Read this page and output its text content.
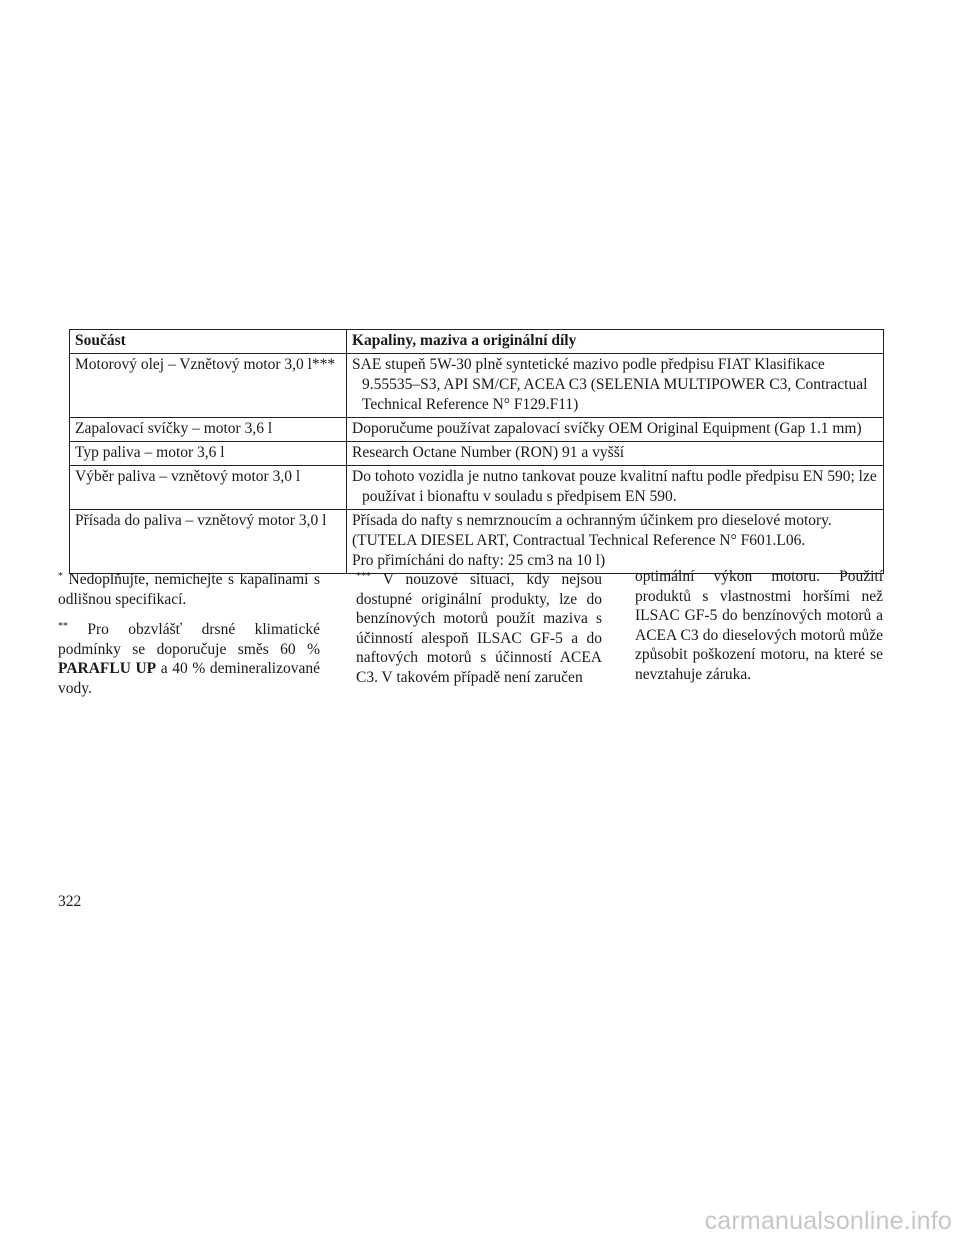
Součást	Kapaliny, maziva a originální díly
Motorový olej – Vznětový motor 3,0 l***	SAE stupeň 5W-30 plně syntetické mazivo podle předpisu FIAT Klasifikace 9.55535–S3, API SM/CF, ACEA C3 (SELENIA MULTIPOWER C3, Contractual Technical Reference N° F129.F11)

Zapalovací svíčky – motor 3,6 l	Doporučume používat zapalovací svíčky OEM Original Equipment (Gap 1.1 mm)

Typ paliva – motor 3,6 l	Research Octane Number (RON) 91 a vyšší

Výběr paliva – vznětový motor 3,0 l	Do tohoto vozidla je nutno tankovat pouze kvalitní naftu podle předpisu EN 590; lze používat i bionaftu v souladu s předpisem EN 590.

Přísada do paliva – vznětový motor 3,0 l	Přísada do nafty s nemrznoucím a ochranným účinkem pro dieselové motory.
(TUTELA DIESEL ART, Contractual Technical Reference N° F601.L06.
Pro přimícháni do nafty: 25 cm3 na 10 l)

* Nedoplňujte, nemíchejte s kapalinami s odlišnou specifikací.

** Pro obzvlášť drsné klimatické podmínky se doporučuje směs 60 % PARAFLU UP a 40 % demineralizované vody.

*** V nouzové situaci, kdy nejsou dostupné originální produkty, lze do benzínových motorů použít maziva s účinností alespoň ILSAC GF-5 a do naftových motorů s účinností ACEA C3. V takovém případě není zaručen

optimální výkon motoru. Použití produktů s vlastnostmi horšími než ILSAC GF-5 do benzínových motorů a ACEA C3 do dieselových motorů může způsobit poškození motoru, na které se nevztahuje záruka.

322
carmanualsonline.info
